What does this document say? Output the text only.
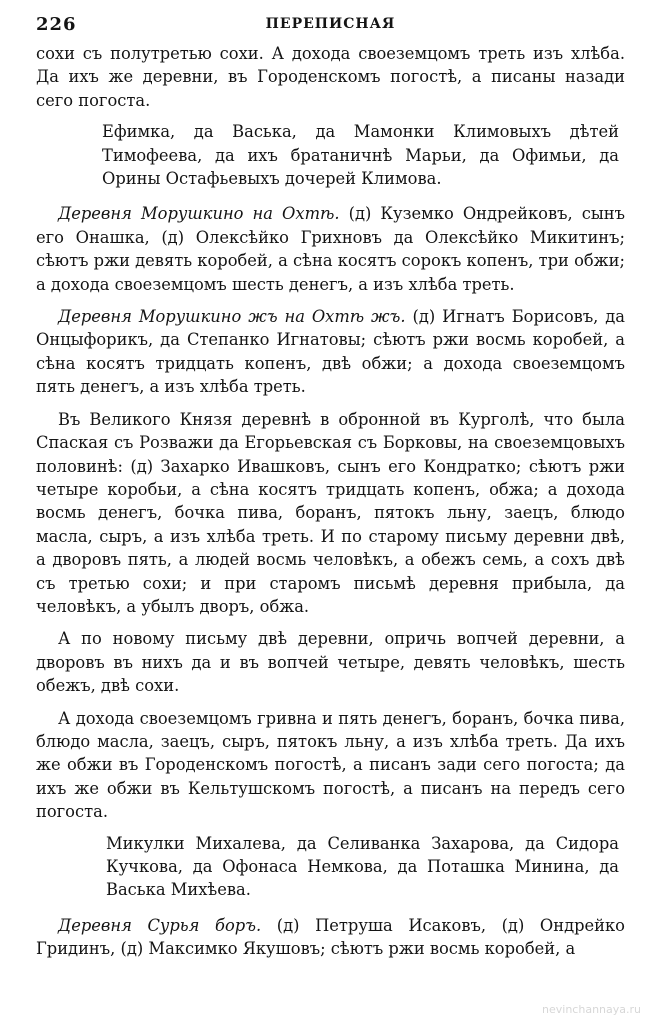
226	ПЕРЕПИСНАЯ

сохи съ полутретью сохи. А дохода своеземцомъ треть изъ хлѣба. Да ихъ же деревни, въ Городенскомъ погостѣ, а писаны назади сего погоста.

Ефимка, да Васька, да Мамонки Климовыхъ дѣтей Тимофеева, да ихъ братаничнѣ Марьи, да Офимьи, да Орины Остафьевыхъ дочерей Климова.

Деревня Морушкино на Охтѣ. (д) Куземко Ондрейковъ, сынъ его Онашка, (д) Олексѣйко Грихновъ да Олексѣйко Микитинъ; сѣютъ ржи девять коробей, а сѣна косятъ сорокъ копенъ, три обжи; а дохода своеземцомъ шесть денегъ, а изъ хлѣба треть.

Деревня Морушкино жъ на Охтѣ жъ. (д) Игнатъ Борисовъ, да Онцыфорикъ, да Степанко Игнатовы; сѣютъ ржи восмь коробей, а сѣна косятъ тридцать копенъ, двѣ обжи; а дохода своеземцомъ пять денегъ, а изъ хлѣба треть.

Въ Великого Князя деревнѣ в обронной въ Курголѣ, что была Спаская съ Розважи да Егорьевская съ Борковы, на своеземцовыхъ половинѣ: (д) Захарко Ивашковъ, сынъ его Кондратко; сѣютъ ржи четыре коробьи, а сѣна косятъ тридцать копенъ, обжа; а дохода восмь денегъ, бочка пива, боранъ, пятокъ льну, заецъ, блюдо масла, сыръ, а изъ хлѣба треть. И по старому письму деревни двѣ, а дворовъ пять, а людей восмь человѣкъ, а обежъ семь, а сохъ двѣ съ третью сохи; и при старомъ письмѣ деревня прибыла, да человѣкъ, а убылъ дворъ, обжа.

А по новому письму двѣ деревни, опричь вопчей деревни, а дворовъ въ нихъ да и въ вопчей четыре, девять человѣкъ, шесть обежъ, двѣ сохи.

А дохода своеземцомъ гривна и пять денегъ, боранъ, бочка пива, блюдо масла, заецъ, сыръ, пятокъ льну, а изъ хлѣба треть. Да ихъ же обжи въ Городенскомъ погостѣ, а писанъ зади сего погоста; да ихъ же обжи въ Кельтушскомъ погостѣ, а писанъ на передъ сего погоста.

Микулки Михалева, да Селиванка Захарова, да Сидора Кучкова, да Офонаса Немкова, да Поташка Минина, да Васька Михѣева.

Деревня Сурья боръ. (д) Петруша Исаковъ, (д) Ондрейко Гридинъ, (д) Максимко Якушовъ; сѣютъ ржи восмь коробей, а

nevinchannaya.ru
